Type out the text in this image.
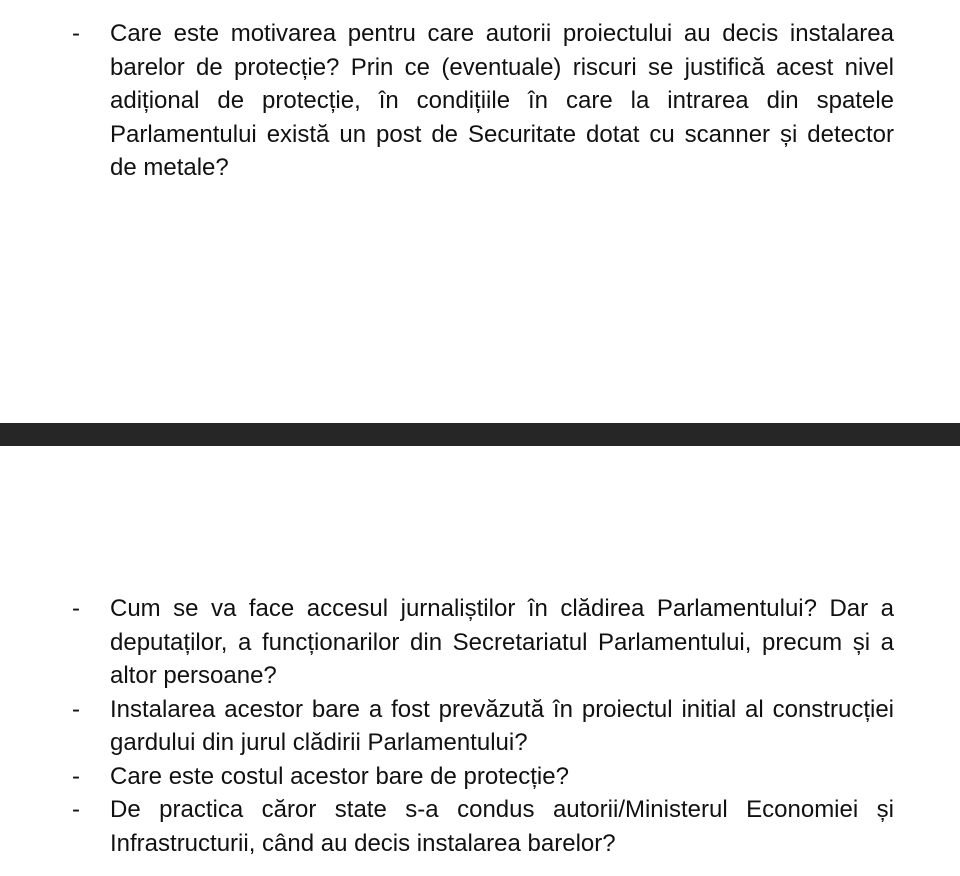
- Care este motivarea pentru care autorii proiectului au decis instalarea barelor de protecție? Prin ce (eventuale) riscuri se justifică acest nivel adițional de protecție, în condițiile în care la intrarea din spatele Parlamentului există un post de Securitate dotat cu scanner și detector de metale?
- Cum se va face accesul jurnaliștilor în clădirea Parlamentului? Dar a deputaților, a funcționarilor din Secretariatul Parlamentului, precum și a altor persoane?
- Instalarea acestor bare a fost prevăzută în proiectul initial al construcției gardului din jurul clădirii Parlamentului?
- Care este costul acestor bare de protecție?
- De practica căror state s-a condus autorii/Ministerul Economiei și Infrastructurii, când au decis instalarea barelor?
